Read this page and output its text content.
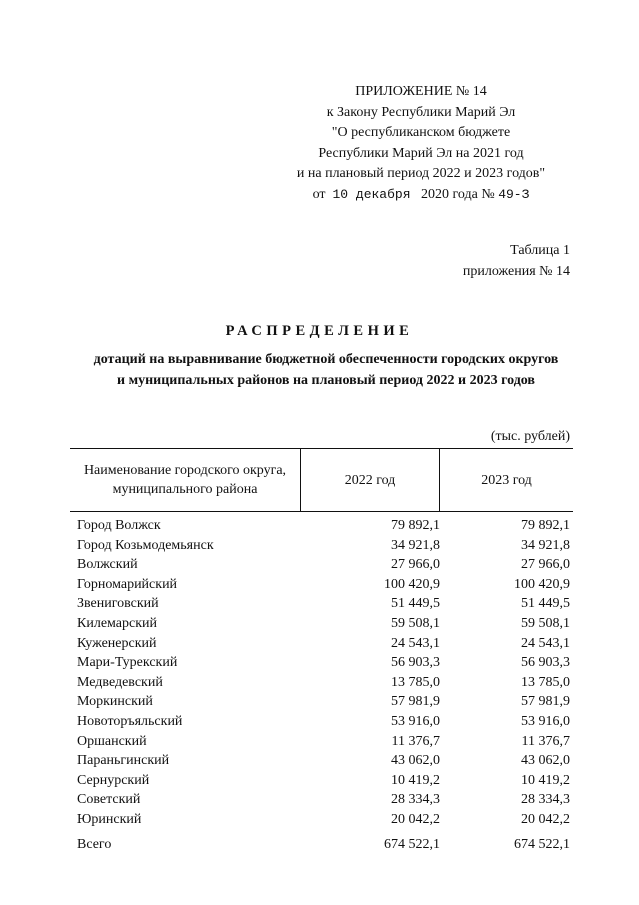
ПРИЛОЖЕНИЕ № 14
к Закону Республики Марий Эл
"О республиканском бюджете
Республики Марий Эл на 2021 год
и на плановый период 2022 и 2023 годов"
от 10 декабря 2020 года № 49-З
Таблица 1
приложения № 14
РАСПРЕДЕЛЕНИЕ
дотаций на выравнивание бюджетной обеспеченности городских округов
и муниципальных районов на плановый период 2022 и 2023 годов
(тыс. рублей)
Наименование городского округа, муниципального района	2022 год	2023 год
Город Волжск	79 892,1	79 892,1
Город Козьмодемьянск	34 921,8	34 921,8
Волжский	27 966,0	27 966,0
Горномарийский	100 420,9	100 420,9
Звениговский	51 449,5	51 449,5
Килемарский	59 508,1	59 508,1
Куженерский	24 543,1	24 543,1
Мари-Турекский	56 903,3	56 903,3
Медведевский	13 785,0	13 785,0
Моркинский	57 981,9	57 981,9
Новоторъяльский	53 916,0	53 916,0
Оршанский	11 376,7	11 376,7
Параньгинский	43 062,0	43 062,0
Сернурский	10 419,2	10 419,2
Советский	28 334,3	28 334,3
Юринский	20 042,2	20 042,2
Всего	674 522,1	674 522,1
